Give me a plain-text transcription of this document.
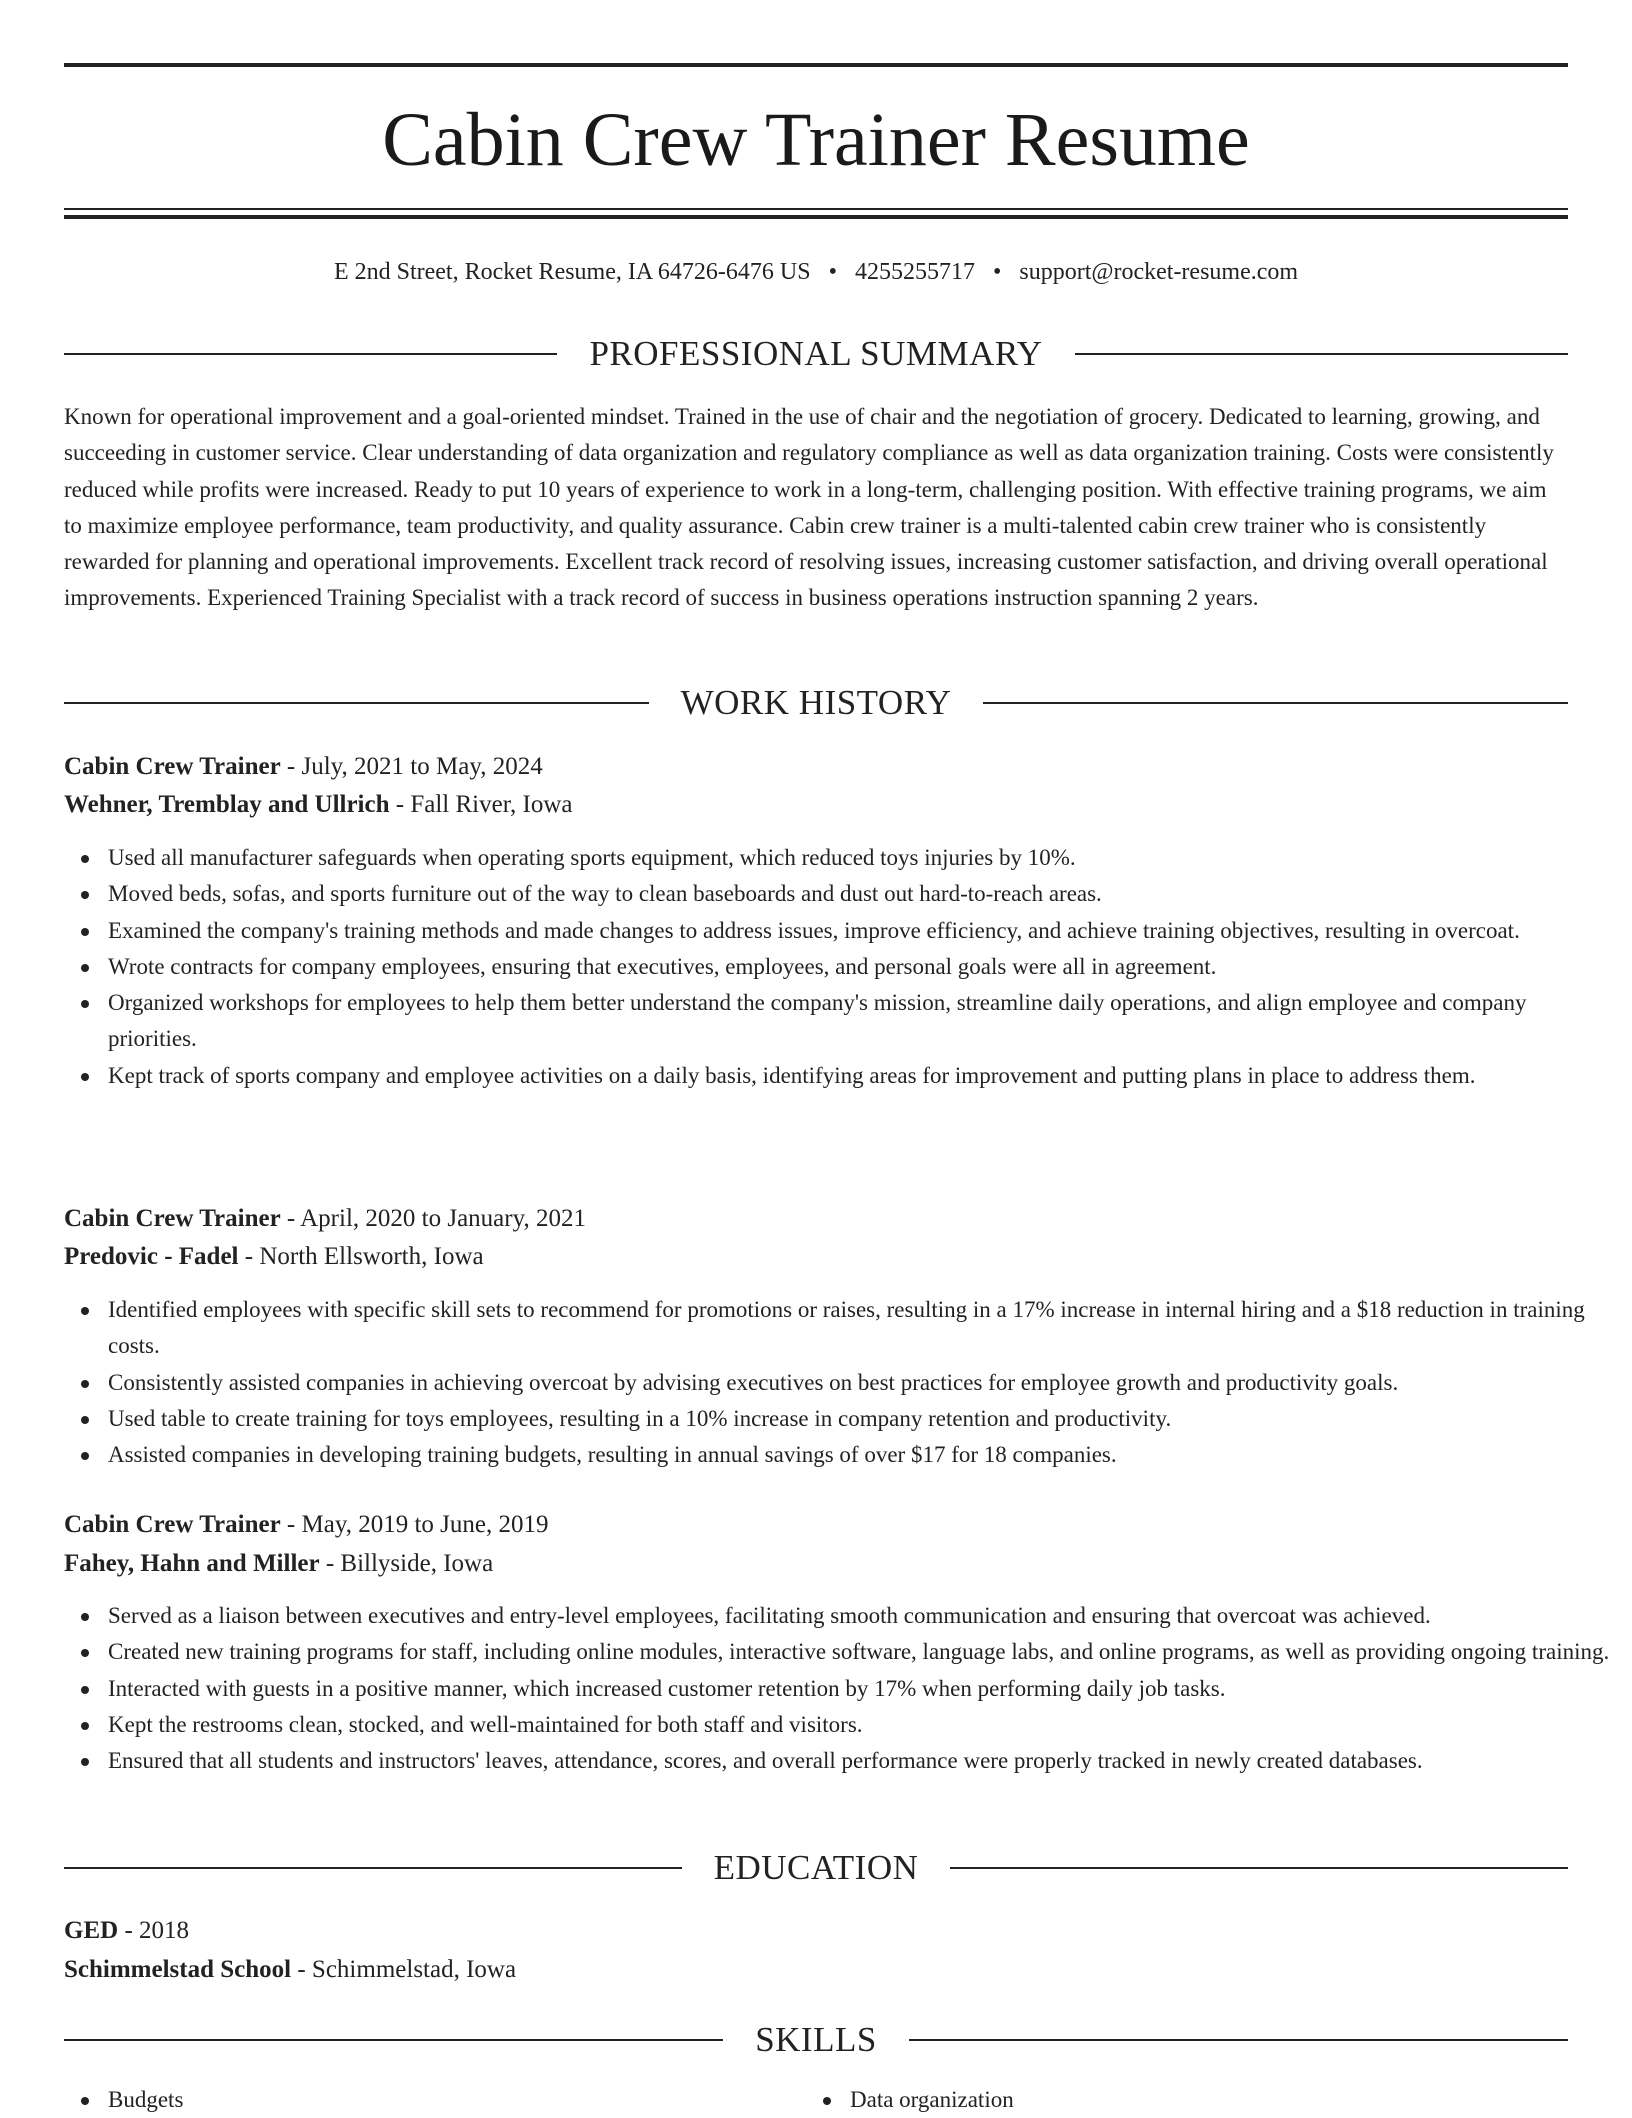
Cabin Crew Trainer Resume
E 2nd Street, Rocket Resume, IA 64726-6476 US • 4255255717 • support@rocket-resume.com
PROFESSIONAL SUMMARY

Known for operational improvement and a goal-oriented mindset. Trained in the use of chair and the negotiation of grocery. Dedicated to learning, growing, and succeeding in customer service. Clear understanding of data organization and regulatory compliance as well as data organization training. Costs were consistently reduced while profits were increased. Ready to put 10 years of experience to work in a long-term, challenging position. With effective training programs, we aim to maximize employee performance, team productivity, and quality assurance. Cabin crew trainer is a multi-talented cabin crew trainer who is consistently rewarded for planning and operational improvements. Excellent track record of resolving issues, increasing customer satisfaction, and driving overall operational improvements. Experienced Training Specialist with a track record of success in business operations instruction spanning 2 years.

WORK HISTORY
Cabin Crew Trainer - July, 2021 to May, 2024
Wehner, Tremblay and Ullrich - Fall River, Iowa
Used all manufacturer safeguards when operating sports equipment, which reduced toys injuries by 10%.
Moved beds, sofas, and sports furniture out of the way to clean baseboards and dust out hard-to-reach areas.
Examined the company's training methods and made changes to address issues, improve efficiency, and achieve training objectives, resulting in overcoat.
Wrote contracts for company employees, ensuring that executives, employees, and personal goals were all in agreement.
Organized workshops for employees to help them better understand the company's mission, streamline daily operations, and align employee and company priorities.
Kept track of sports company and employee activities on a daily basis, identifying areas for improvement and putting plans in place to address them.
Cabin Crew Trainer - April, 2020 to January, 2021
Predovic - Fadel - North Ellsworth, Iowa
Identified employees with specific skill sets to recommend for promotions or raises, resulting in a 17% increase in internal hiring and a $18 reduction in training costs.
Consistently assisted companies in achieving overcoat by advising executives on best practices for employee growth and productivity goals.
Used table to create training for toys employees, resulting in a 10% increase in company retention and productivity.
Assisted companies in developing training budgets, resulting in annual savings of over $17 for 18 companies.
Cabin Crew Trainer - May, 2019 to June, 2019
Fahey, Hahn and Miller - Billyside, Iowa
Served as a liaison between executives and entry-level employees, facilitating smooth communication and ensuring that overcoat was achieved.
Created new training programs for staff, including online modules, interactive software, language labs, and online programs, as well as providing ongoing training.
Interacted with guests in a positive manner, which increased customer retention by 17% when performing daily job tasks.
Kept the restrooms clean, stocked, and well-maintained for both staff and visitors.
Ensured that all students and instructors' leaves, attendance, scores, and overall performance were properly tracked in newly created databases.
EDUCATION
GED - 2018
Schimmelstad School - Schimmelstad, Iowa
SKILLS
Budgets	Data organization
